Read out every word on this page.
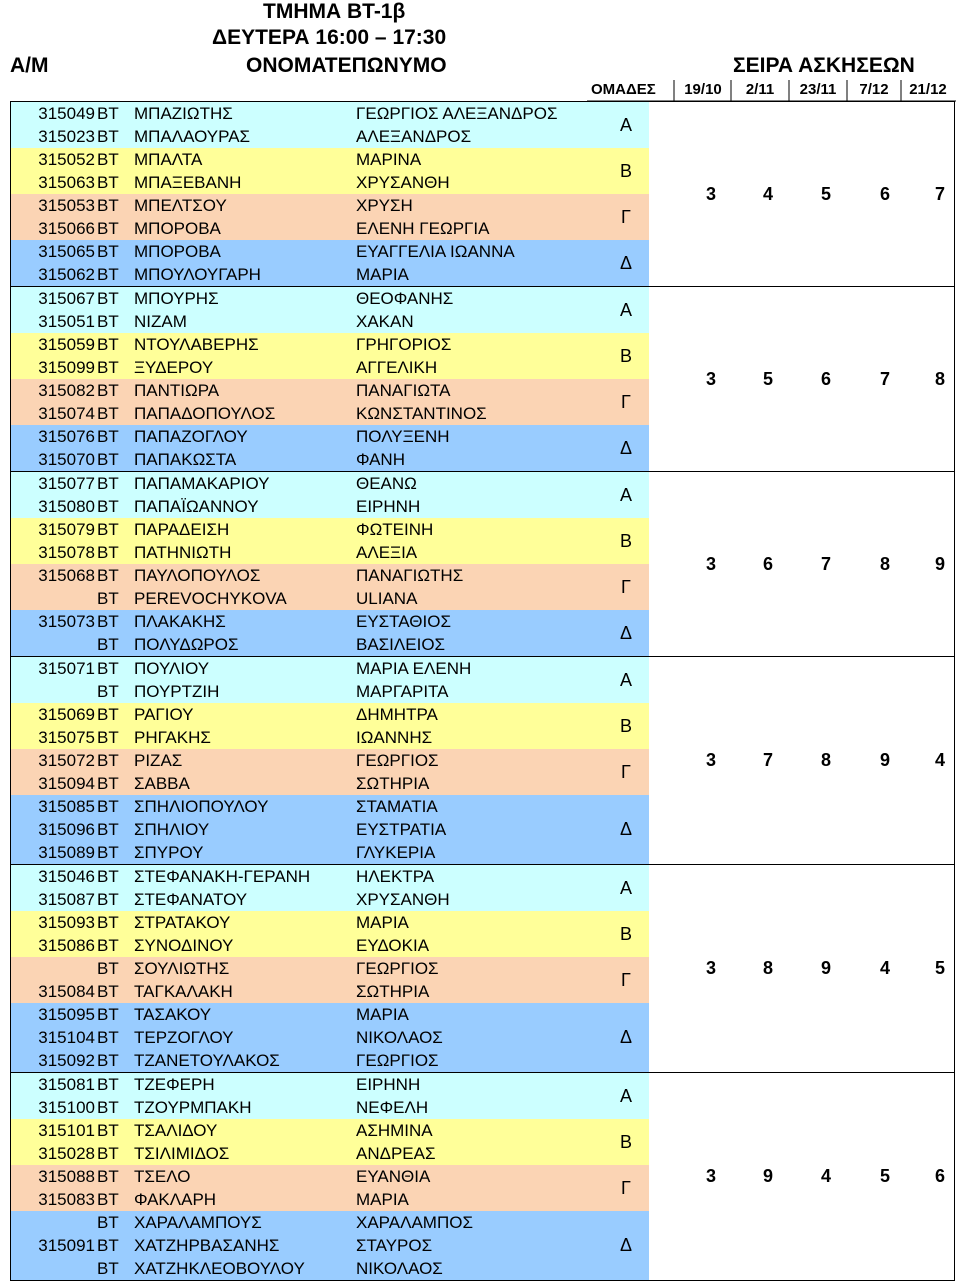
ΤΜΗΜΑ ΒΤ-1β
ΔΕΥΤΕΡΑ 16:00 – 17:30
Α/Μ	ΟΝΟΜΑΤΕΠΩΝΥΜΟ	ΣΕΙΡΑ ΑΣΚΗΣΕΩΝ
ΟΜΑΔΕΣ	19/10	2/11	23/11	7/12	21/12
315049 ΒΤ ΜΠΑΖΙΩΤΗΣ	ΓΕΩΡΓΙΟΣ ΑΛΕΞΑΝΔΡΟΣ
315023 ΒΤ ΜΠΑΛΑΟΥΡΑΣ	ΑΛΕΞΑΝΔΡΟΣ
Α
315052 ΒΤ ΜΠΑΛΤΑ	ΜΑΡΙΝΑ
315063 ΒΤ ΜΠΑΞΕΒΑΝΗ	ΧΡΥΣΑΝΘΗ
Β
315053 ΒΤ ΜΠΕΛΤΣΟΥ	ΧΡΥΣΗ
315066 ΒΤ ΜΠΟΡΟΒΑ	ΕΛΕΝΗ ΓΕΩΡΓΙΑ
Γ
315065 ΒΤ ΜΠΟΡΟΒΑ	ΕΥΑΓΓΕΛΙΑ ΙΩΑΝΝΑ
315062 ΒΤ ΜΠΟΥΛΟΥΓΑΡΗ	ΜΑΡΙΑ
Δ
3	4	5	6	7
315067 ΒΤ ΜΠΟΥΡΗΣ	ΘΕΟΦΑΝΗΣ
315051 ΒΤ ΝΙΖΑΜ	ΧΑΚΑΝ
Α
315059 ΒΤ ΝΤΟΥΛΑΒΕΡΗΣ	ΓΡΗΓΟΡΙΟΣ
315099 ΒΤ ΞΥΔΕΡΟΥ	ΑΓΓΕΛΙΚΗ
Β
315082 ΒΤ ΠΑΝΤΙΩΡΑ	ΠΑΝΑΓΙΩΤΑ
315074 ΒΤ ΠΑΠΑΔΟΠΟΥΛΟΣ	ΚΩΝΣΤΑΝΤΙΝΟΣ
Γ
315076 ΒΤ ΠΑΠΑΖΟΓΛΟΥ	ΠΟΛΥΞΕΝΗ
315070 ΒΤ ΠΑΠΑΚΩΣΤΑ	ΦΑΝΗ
Δ
3	5	6	7	8
315077 ΒΤ ΠΑΠΑΜΑΚΑΡΙΟΥ	ΘΕΑΝΩ
315080 ΒΤ ΠΑΠΑΪΩΑΝΝΟΥ	ΕΙΡΗΝΗ
Α
315079 ΒΤ ΠΑΡΑΔΕΙΣΗ	ΦΩΤΕΙΝΗ
315078 ΒΤ ΠΑΤΗΝΙΩΤΗ	ΑΛΕΞΙΑ
Β
315068 ΒΤ ΠΑΥΛΟΠΟΥΛΟΣ	ΠΑΝΑΓΙΩΤΗΣ
ΒΤ PEREVOCHYKOVA	ULIANA
Γ
315073 ΒΤ ΠΛΑΚΑΚΗΣ	ΕΥΣΤΑΘΙΟΣ
ΒΤ ΠΟΛΥΔΩΡΟΣ	ΒΑΣΙΛΕΙΟΣ
Δ
3	6	7	8	9
315071 ΒΤ ΠΟΥΛΙΟΥ	ΜΑΡΙΑ ΕΛΕΝΗ
ΒΤ ΠΟΥΡΤΖΙΗ	ΜΑΡΓΑΡΙΤΑ
Α
315069 ΒΤ ΡΑΓΙΟΥ	ΔΗΜΗΤΡΑ
315075 ΒΤ ΡΗΓΑΚΗΣ	ΙΩΑΝΝΗΣ
Β
315072 ΒΤ ΡΙΖΑΣ	ΓΕΩΡΓΙΟΣ
315094 ΒΤ ΣΑΒΒΑ	ΣΩΤΗΡΙΑ
Γ
315085 ΒΤ ΣΠΗΛΙΟΠΟΥΛΟΥ	ΣΤΑΜΑΤΙΑ
315096 ΒΤ ΣΠΗΛΙΟΥ	ΕΥΣΤΡΑΤΙΑ
315089 ΒΤ ΣΠΥΡΟΥ	ΓΛΥΚΕΡΙΑ
Δ
3	7	8	9	4
315046 ΒΤ ΣΤΕΦΑΝΑΚΗ-ΓΕΡΑΝΗ	ΗΛΕΚΤΡΑ
315087 ΒΤ ΣΤΕΦΑΝΑΤΟΥ	ΧΡΥΣΑΝΘΗ
Α
315093 ΒΤ ΣΤΡΑΤΑΚΟΥ	ΜΑΡΙΑ
315086 ΒΤ ΣΥΝΟΔΙΝΟΥ	ΕΥΔΟΚΙΑ
Β
ΒΤ ΣΟΥΛΙΩΤΗΣ	ΓΕΩΡΓΙΟΣ
315084 ΒΤ ΤΑΓΚΑΛΑΚΗ	ΣΩΤΗΡΙΑ
Γ
315095 ΒΤ ΤΑΣΑΚΟΥ	ΜΑΡΙΑ
315104 ΒΤ ΤΕΡΖΟΓΛΟΥ	ΝΙΚΟΛΑΟΣ
315092 ΒΤ ΤΖΑΝΕΤΟΥΛΑΚΟΣ	ΓΕΩΡΓΙΟΣ
Δ
3	8	9	4	5
315081 ΒΤ ΤΖΕΦΕΡΗ	ΕΙΡΗΝΗ
315100 ΒΤ ΤΖΟΥΡΜΠΑΚΗ	ΝΕΦΕΛΗ
Α
315101 ΒΤ ΤΣΑΛΙΔΟΥ	ΑΣΗΜΙΝΑ
315028 ΒΤ ΤΣΙΛΙΜΙΔΟΣ	ΑΝΔΡΕΑΣ
Β
315088 ΒΤ ΤΣΕΛΟ	ΕΥΑΝΘΙΑ
315083 ΒΤ ΦΑΚΛΑΡΗ	ΜΑΡΙΑ
Γ
ΒΤ ΧΑΡΑΛΑΜΠΟΥΣ	ΧΑΡΑΛΑΜΠΟΣ
315091 ΒΤ ΧΑΤΖΗΡΒΑΣΑΝΗΣ	ΣΤΑΥΡΟΣ
ΒΤ ΧΑΤΖΗΚΛΕΟΒΟΥΛΟΥ	ΝΙΚΟΛΑΟΣ
Δ
3	9	4	5	6
